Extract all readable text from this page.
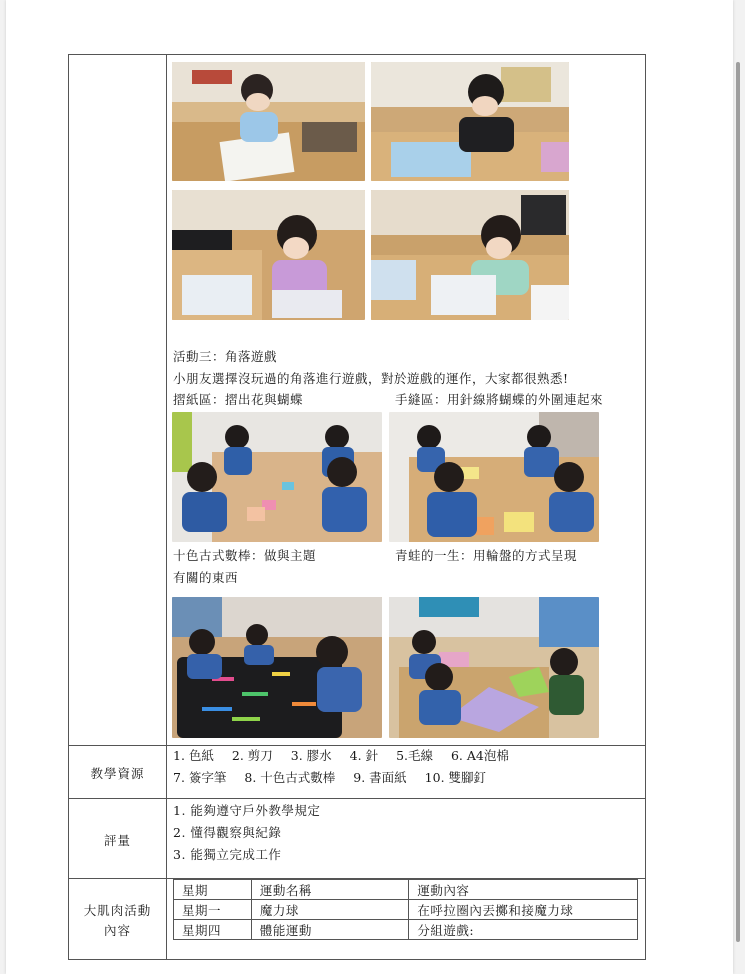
活動三：角落遊戲
小朋友選擇沒玩過的角落進行遊戲，對於遊戲的運作，大家都很熟悉!
摺紙區：摺出花與蝴蝶	手縫區：用針線將蝴蝶的外圍連起來
十色古式數棒：做與主題
有關的東西
青蛙的一生：用輪盤的方式呈現
教學資源
1. 色紙 2. 剪刀 3. 膠水 4. 針 5.毛線 6. A4泡棉
7. 簽字筆 8. 十色古式數棒 9. 書面紙 10. 雙腳釘
評量
1. 能夠遵守戶外教學規定
2. 懂得觀察與紀錄
3. 能獨立完成工作
大肌肉活動
內容
星期	運動名稱	運動內容
星期一	魔力球	在呼拉圈內丟擲和接魔力球
星期四	體能運動	分組遊戲:
